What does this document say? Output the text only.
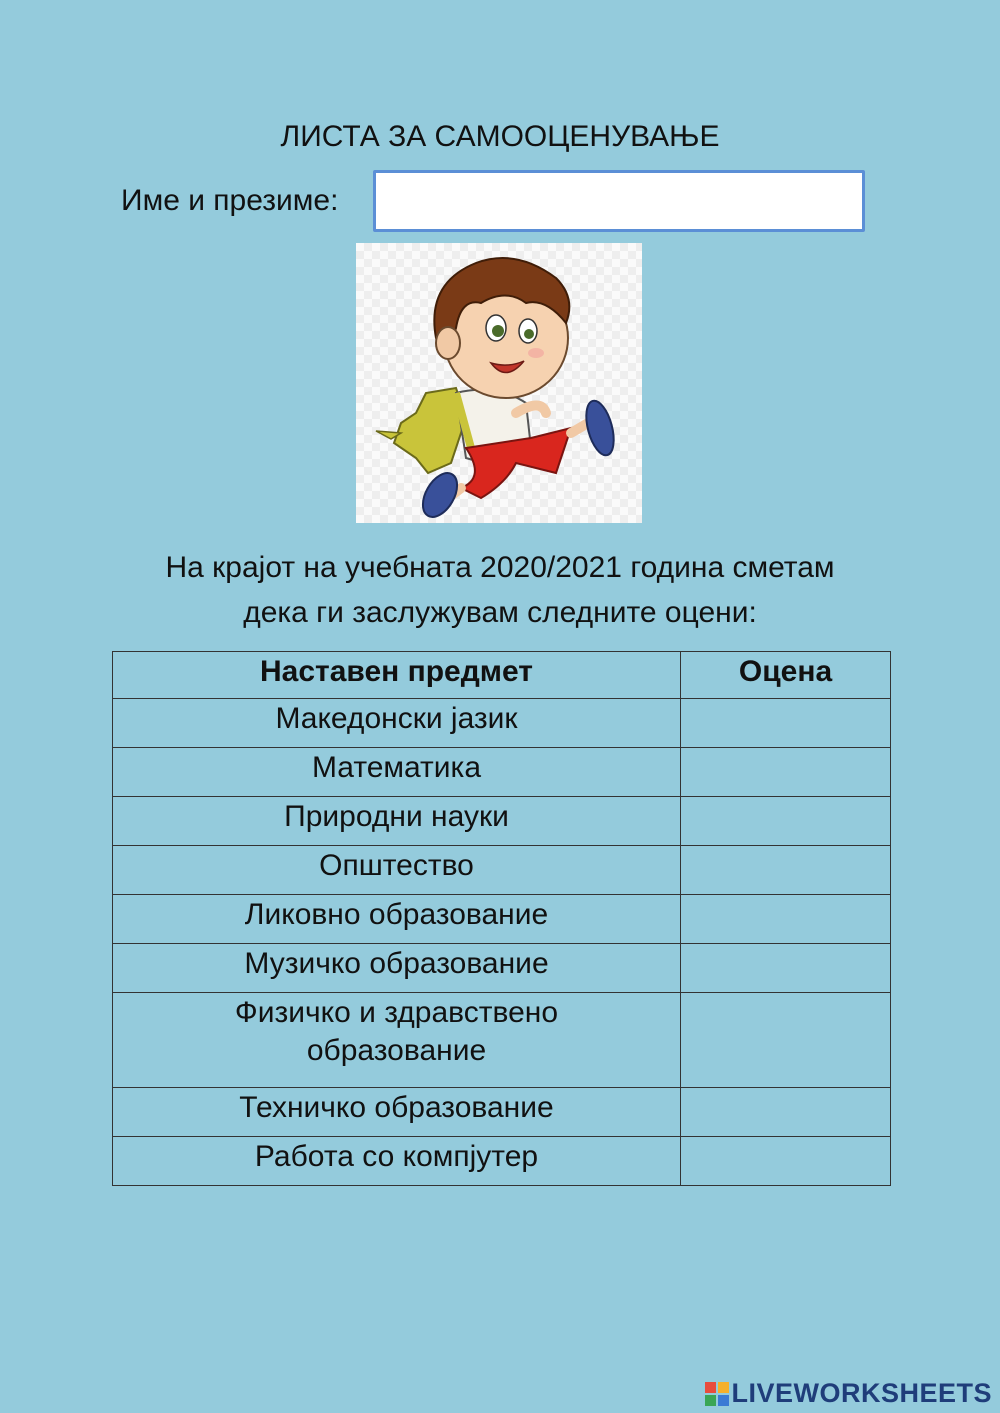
ЛИСТА ЗА САМООЦЕНУВАЊЕ
Име и презиме:
На крајот на учебната 2020/2021 година сметам
дека ги заслужувам следните оцени:
Наставен предмет	Оцена
Македонски јазик	
Математика	
Природни науки	
Општество	
Ликовно образование	
Музичко образование	

Физичко и здравствено
образование	

Техничко образование	
Работа со компјутер	
LIVEWORKSHEETS
